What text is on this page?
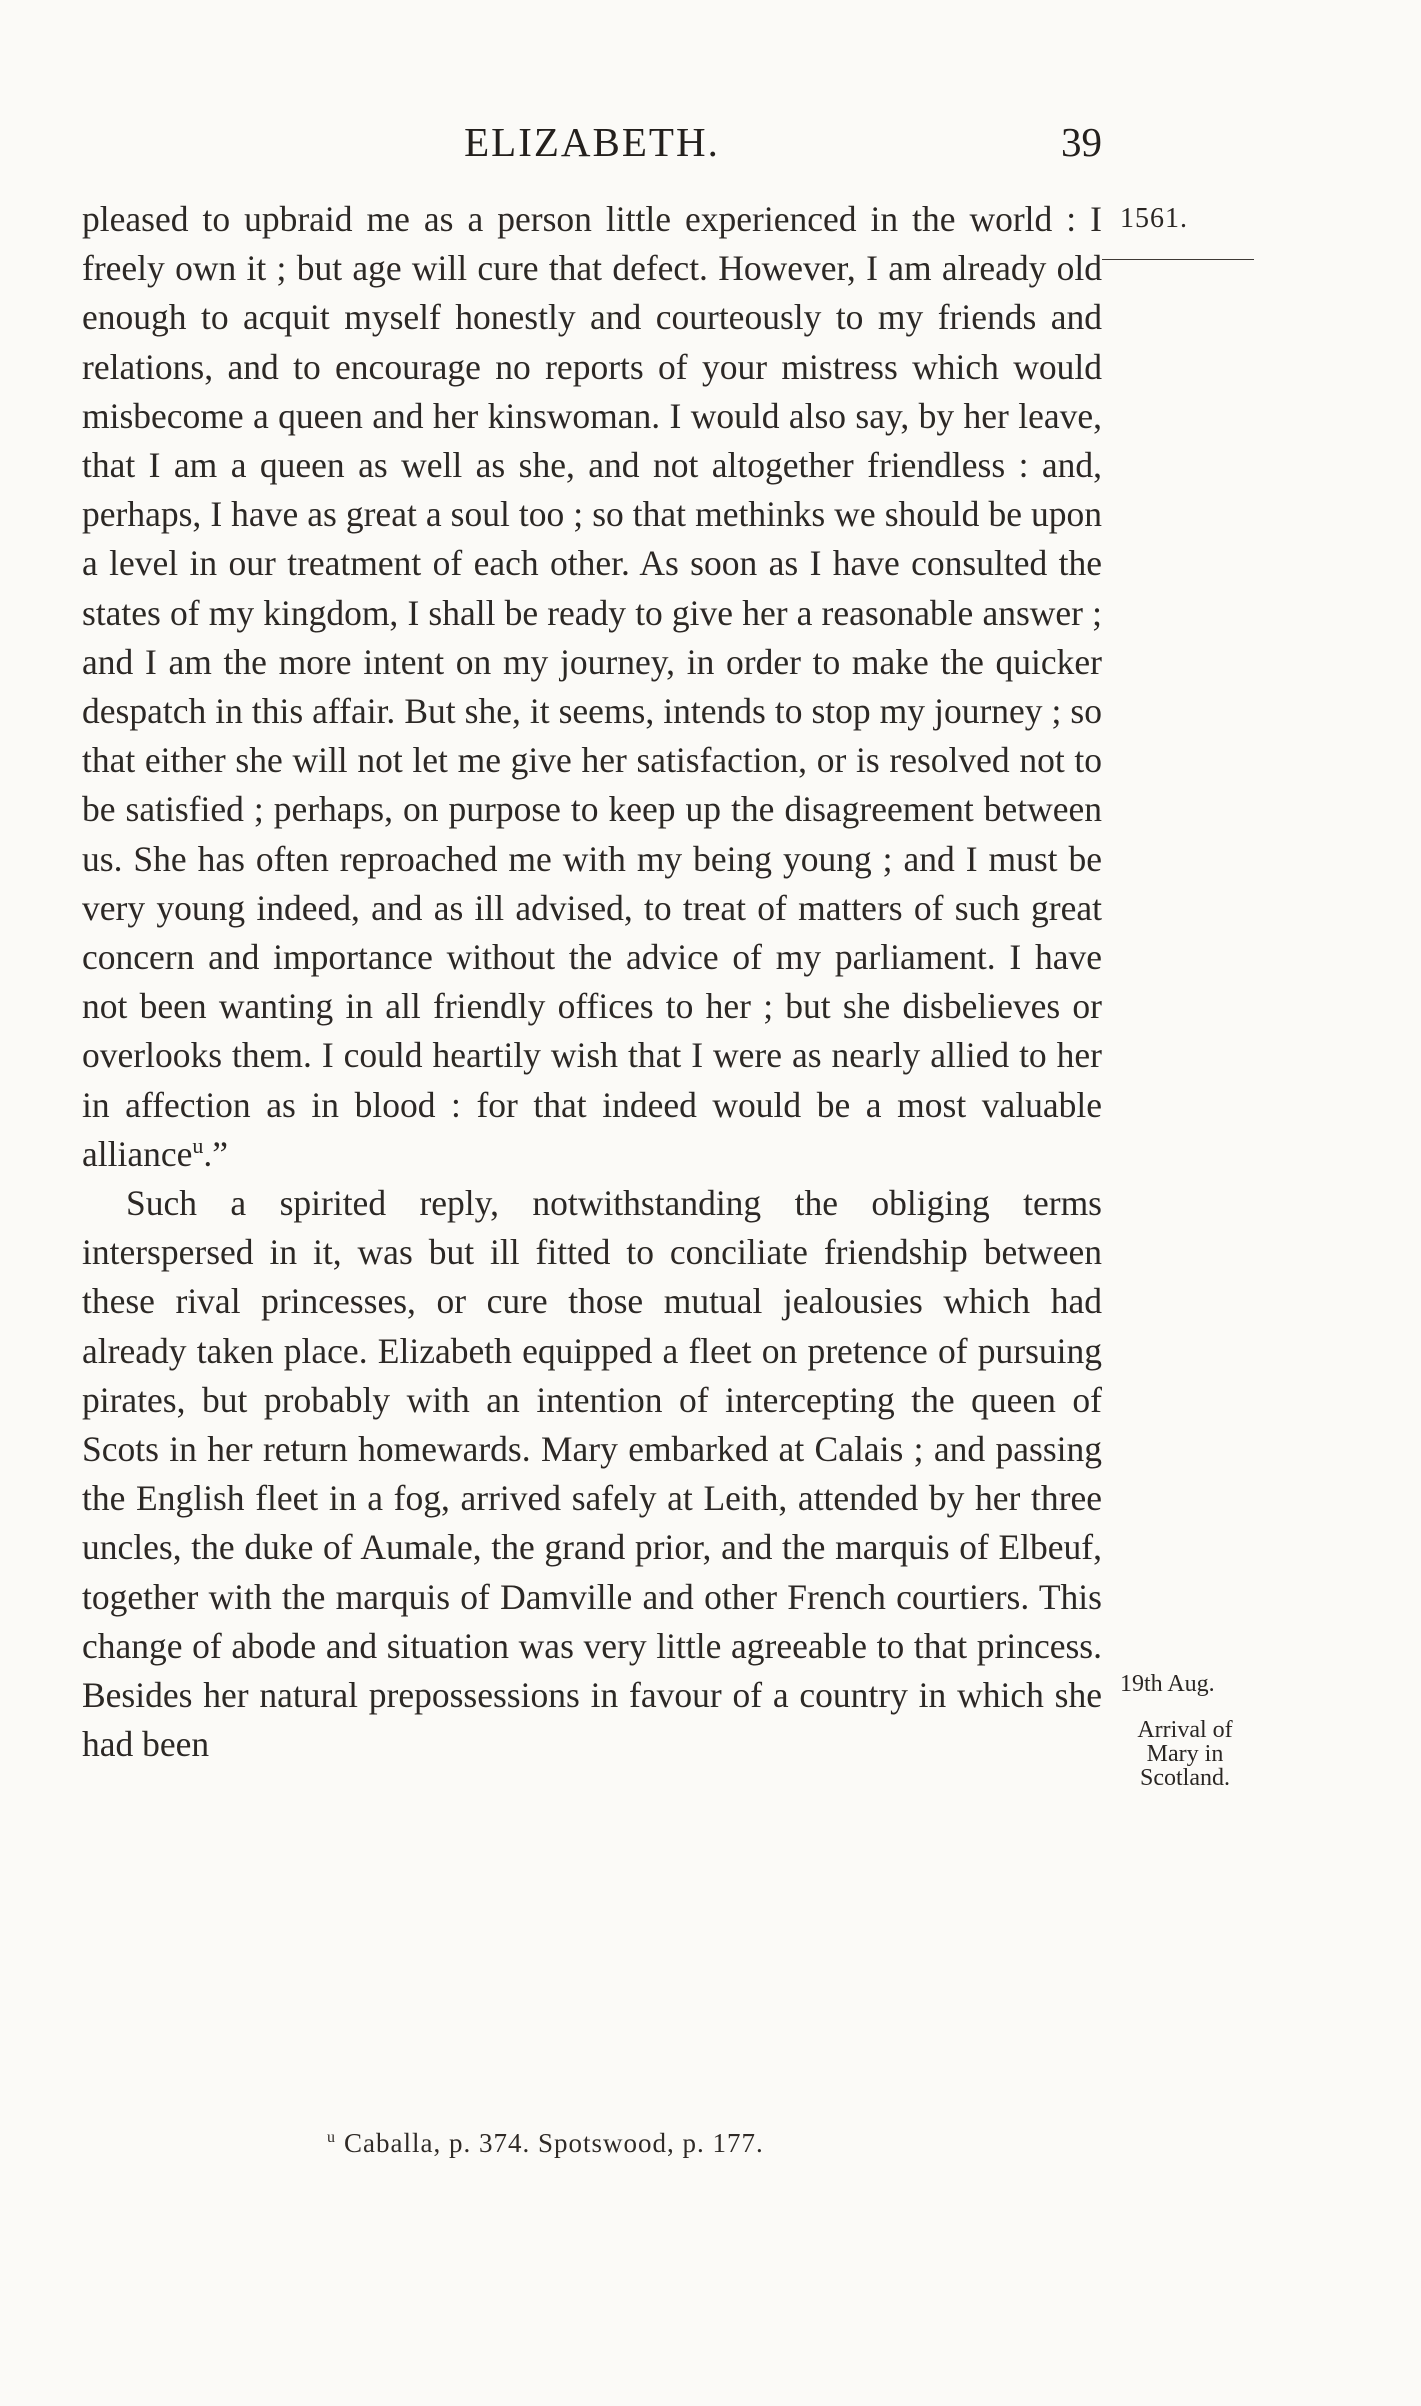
ELIZABETH.	39
1561.

pleased to upbraid me as a person little experienced in the world : I freely own it ; but age will cure that defect. However, I am already old enough to acquit myself honestly and courteously to my friends and relations, and to encourage no reports of your mistress which would misbecome a queen and her kinswoman. I would also say, by her leave, that I am a queen as well as she, and not altogether friendless : and, perhaps, I have as great a soul too ; so that methinks we should be upon a level in our treatment of each other. As soon as I have consulted the states of my kingdom, I shall be ready to give her a reasonable answer ; and I am the more intent on my journey, in order to make the quicker despatch in this affair. But she, it seems, intends to stop my journey ; so that either she will not let me give her satisfaction, or is resolved not to be satisfied ; perhaps, on purpose to keep up the disagreement between us. She has often reproached me with my being young ; and I must be very young indeed, and as ill advised, to treat of matters of such great concern and importance without the advice of my parliament. I have not been wanting in all friendly offices to her ; but she disbelieves or overlooks them. I could heartily wish that I were as nearly allied to her in affection as in blood : for that indeed would be a most valuable alliance$^u$.”

Such a spirited reply, notwithstanding the obliging terms interspersed in it, was but ill fitted to conciliate friendship between these rival princesses, or cure those mutual jealousies which had already taken place. Elizabeth equipped a fleet on pretence of pursuing pirates, but probably with an intention of intercepting the queen of Scots in her return homewards. Mary embarked at Calais ; and passing the English fleet in a fog, arrived safely at Leith, attended by her three uncles, the duke of Aumale, the grand prior, and the marquis of Elbeuf, together with the marquis of Damville and other French courtiers. This change of abode and situation was very little agreeable to that princess. Besides her natural prepossessions in favour of a country in which she had been

19th Aug.
Arrival of
Mary in
Scotland.
$^u$ Caballa, p. 374. Spotswood, p. 177.
